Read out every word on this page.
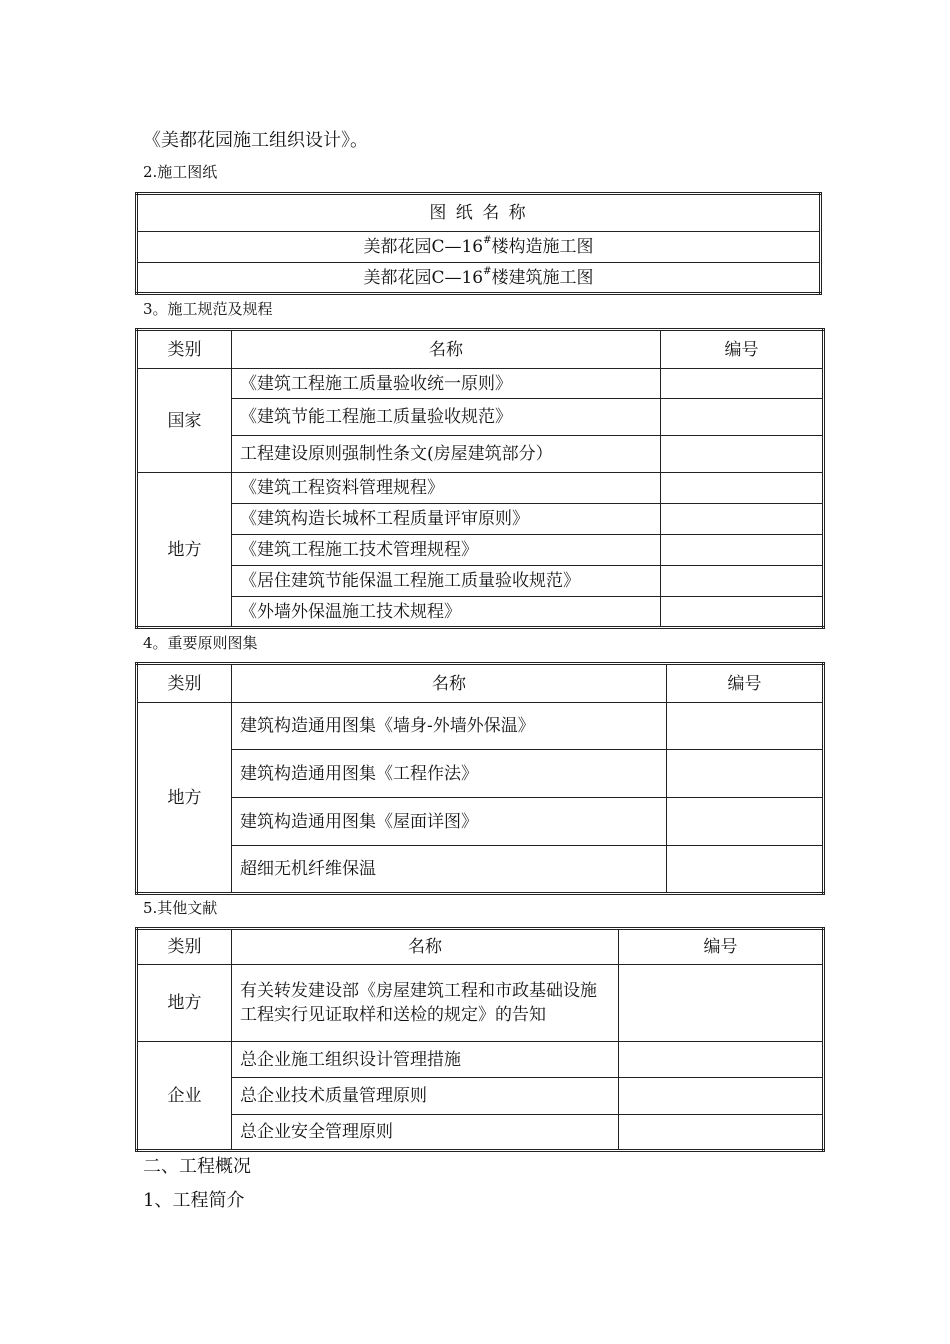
《美都花园施工组织设计》。
2.施工图纸
图 纸 名 称
美都花园C—16#楼构造施工图
美都花园C—16#楼建筑施工图
3。施工规范及规程
类别	名称	编号
国家	《建筑工程施工质量验收统一原则》	
	《建筑节能工程施工质量验收规范》	
	工程建设原则强制性条文(房屋建筑部分）	
地方	《建筑工程资料管理规程》	
	《建筑构造长城杯工程质量评审原则》	
	《建筑工程施工技术管理规程》	
	《居住建筑节能保温工程施工质量验收规范》	
	《外墙外保温施工技术规程》	
4。重要原则图集
类别	名称	编号
地方	建筑构造通用图集《墙身-外墙外保温》	
	建筑构造通用图集《工程作法》	
	建筑构造通用图集《屋面详图》	
	超细无机纤维保温	
5.其他文献
类别	名称	编号
地方	有关转发建设部《房屋建筑工程和市政基础设施工程实行见证取样和送检的规定》的告知	
企业	总企业施工组织设计管理措施	
	总企业技术质量管理原则	
	总企业安全管理原则	
二、工程概况
1、工程简介
